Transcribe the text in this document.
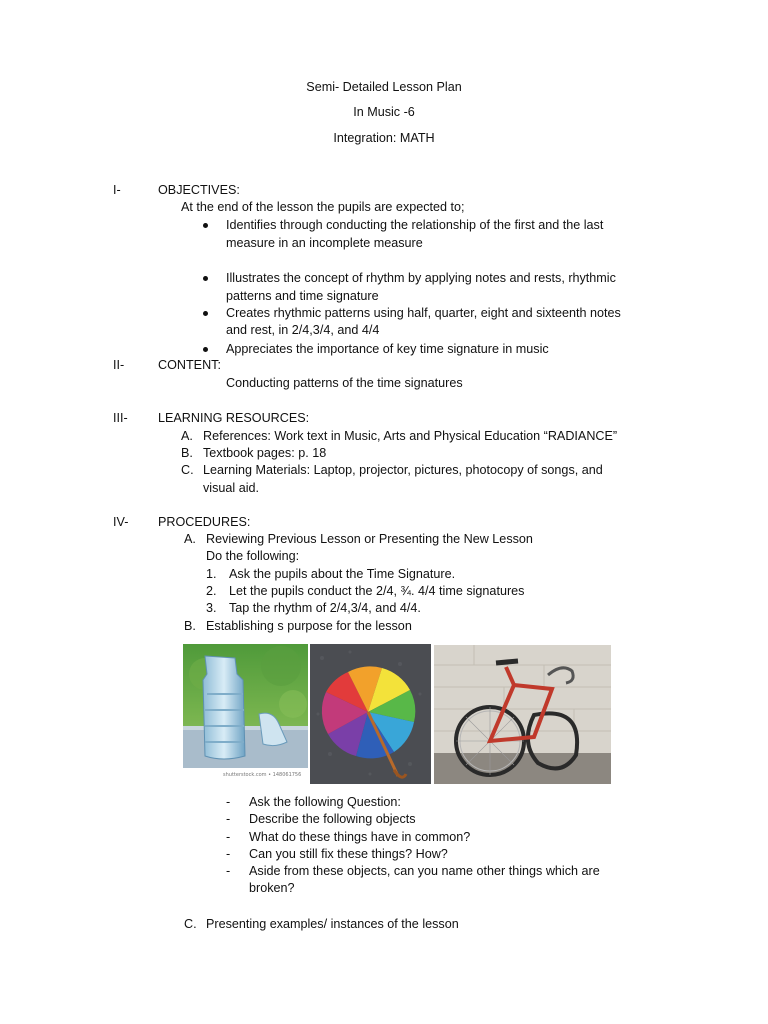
Semi- Detailed Lesson Plan
In Music -6
Integration: MATH
I-	OBJECTIVES:
At the end of the lesson the pupils are expected to;
Identifies through conducting the relationship of the first and the last
measure in an incomplete measure
Illustrates the concept of rhythm by applying notes and rests, rhythmic
patterns and time signature
Creates rhythmic patterns using half, quarter, eight and sixteenth notes
and rest, in 2/4,3/4, and 4/4
Appreciates the importance of key time signature in music
II-	CONTENT:
Conducting patterns of the time signatures
III- LEARNING RESOURCES:
A. References: Work text in Music, Arts and Physical Education “RADIANCE”
B. Textbook pages: p. 18
C. Learning Materials: Laptop, projector, pictures, photocopy of songs, and
visual aid.
IV- PROCEDURES:
A. Reviewing Previous Lesson or Presenting the New Lesson
Do the following:
1. Ask the pupils about the Time Signature.
2. Let the pupils conduct the 2/4, ¾. 4/4 time signatures
3. Tap the rhythm of 2/4,3/4, and 4/4.
B. Establishing s purpose for the lesson
shutterstock.com • 148061756
- Ask the following Question:
- Describe the following objects
- What do these things have in common?
- Can you still fix these things? How?
- Aside from these objects, can you name other things which are
broken?
C. Presenting examples/ instances of the lesson
